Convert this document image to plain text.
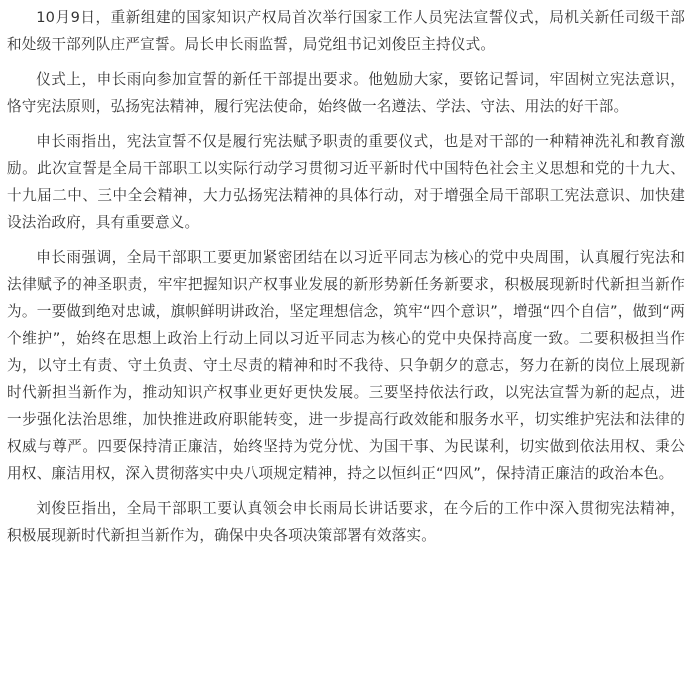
10月9日，重新组建的国家知识产权局首次举行国家工作人员宪法宣誓仪式，局机关新任司级干部和处级干部列队庄严宣誓。局长申长雨监誓，局党组书记刘俊臣主持仪式。

仪式上，申长雨向参加宣誓的新任干部提出要求。他勉励大家，要铭记誓词，牢固树立宪法意识，恪守宪法原则，弘扬宪法精神，履行宪法使命，始终做一名遵法、学法、守法、用法的好干部。

申长雨指出，宪法宣誓不仅是履行宪法赋予职责的重要仪式，也是对干部的一种精神洗礼和教育激励。此次宣誓是全局干部职工以实际行动学习贯彻习近平新时代中国特色社会主义思想和党的十九大、十九届二中、三中全会精神，大力弘扬宪法精神的具体行动，对于增强全局干部职工宪法意识、加快建设法治政府，具有重要意义。

申长雨强调，全局干部职工要更加紧密团结在以习近平同志为核心的党中央周围，认真履行宪法和法律赋予的神圣职责，牢牢把握知识产权事业发展的新形势新任务新要求，积极展现新时代新担当新作为。一要做到绝对忠诚，旗帜鲜明讲政治，坚定理想信念，筑牢“四个意识”，增强“四个自信”，做到“两个维护”，始终在思想上政治上行动上同以习近平同志为核心的党中央保持高度一致。二要积极担当作为，以守土有责、守土负责、守土尽责的精神和时不我待、只争朝夕的意志，努力在新的岗位上展现新时代新担当新作为，推动知识产权事业更好更快发展。三要坚持依法行政，以宪法宣誓为新的起点，进一步强化法治思维，加快推进政府职能转变，进一步提高行政效能和服务水平，切实维护宪法和法律的权威与尊严。四要保持清正廉洁，始终坚持为党分忧、为国干事、为民谋利，切实做到依法用权、秉公用权、廉洁用权，深入贯彻落实中央八项规定精神，持之以恒纠正“四风”，保持清正廉洁的政治本色。

刘俊臣指出，全局干部职工要认真领会申长雨局长讲话要求，在今后的工作中深入贯彻宪法精神，积极展现新时代新担当新作为，确保中央各项决策部署有效落实。
